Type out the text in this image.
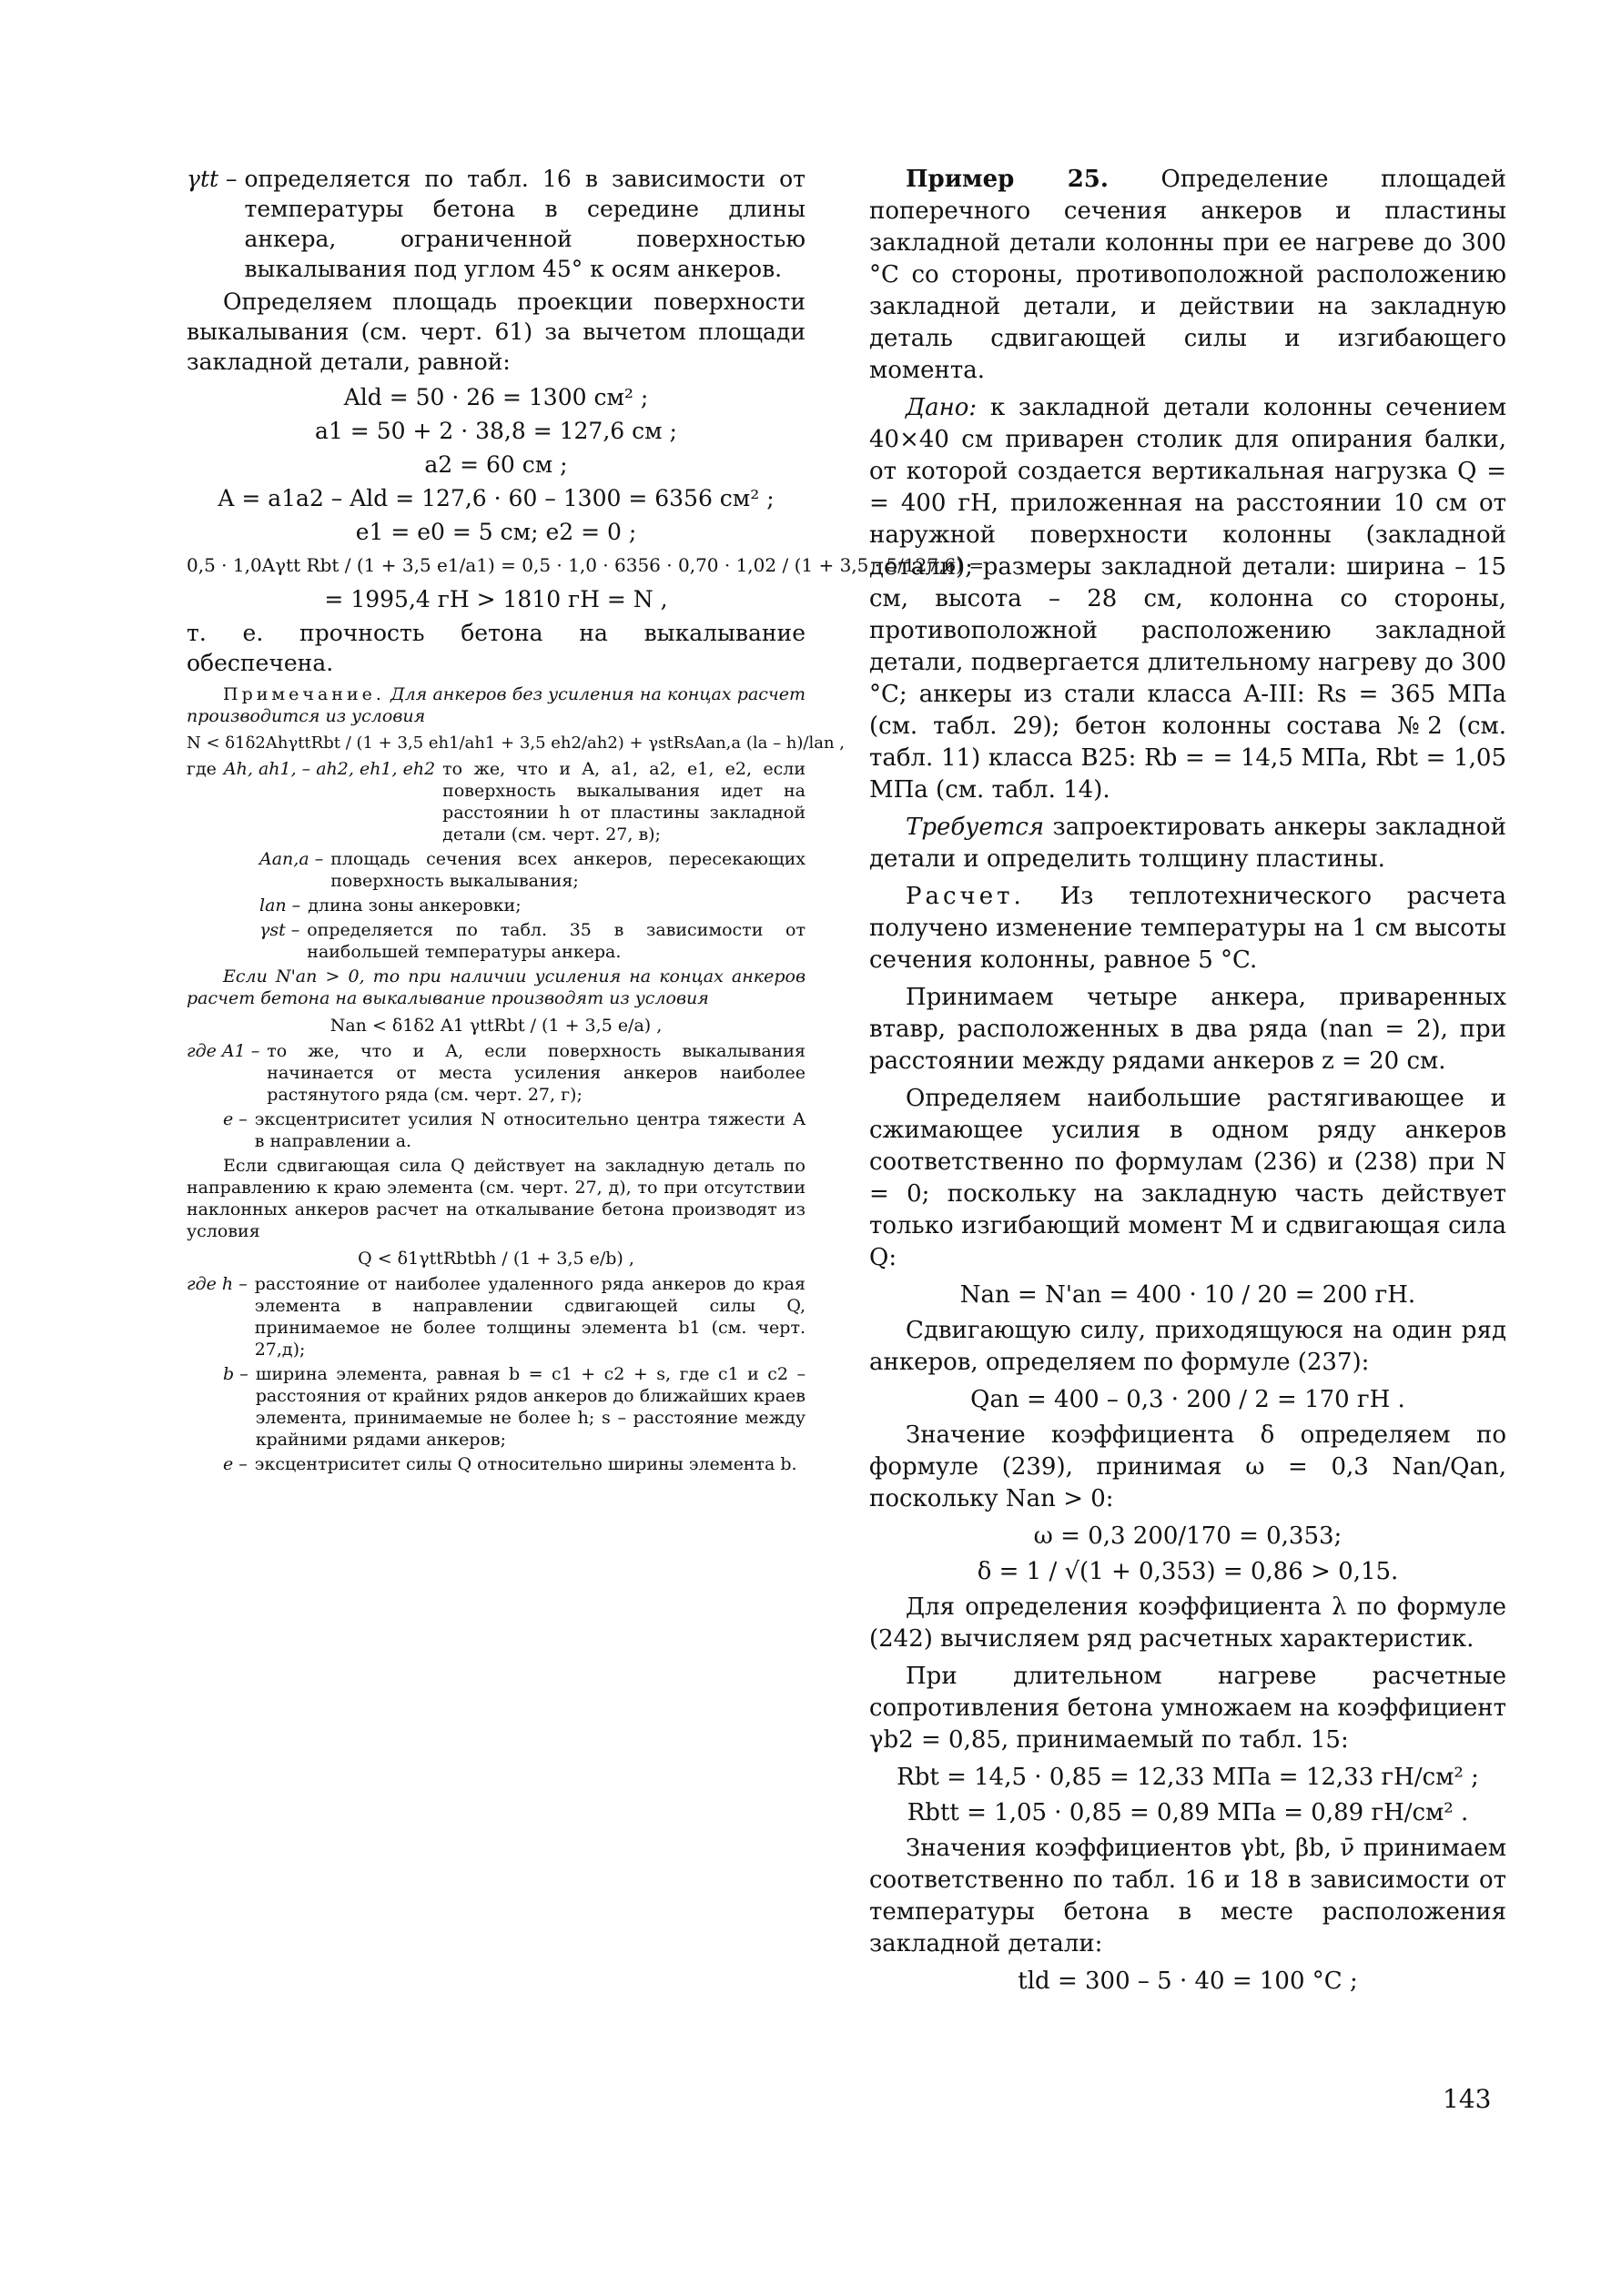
γtt – определяется по табл. 16 в зависимости от температуры бетона в середине длины анкера, ограниченной поверхностью выкалывания под углом 45° к осям анкеров.

Определяем площадь проекции поверхности выкалывания (см. черт. 61) за вычетом площади закладной детали, равной:

Ald = 50 · 26 = 1300 см² ;
a1 = 50 + 2 · 38,8 = 127,6 см ;
a2 = 60 см ;
A = a1a2 – Ald = 127,6 · 60 – 1300 = 6356 см² ;
e1 = e0 = 5 см; e2 = 0 ;
0,5 · 1,0Aγtt Rbt / (1 + 3,5 e1/a1) = 0,5 · 1,0 · 6356 · 0,70 · 1,02 / (1 + 3,5 · 5/127,6) =
= 1995,4 гН > 1810 гН = N ,

т. е. прочность бетона на выкалывание обеспечена.

Примечание. Для анкеров без усиления на концах расчет производится из условия

N < δ1δ2AhγttRbt / (1 + 3,5 eh1/ah1 + 3,5 eh2/ah2) + γstRsAan,a (la – h)/lan ,
где Ah, ah1, – ah2, eh1, eh2 то же, что и A, a1, a2, e1, e2, если поверхность выкалывания идет на расстоянии h от пластины закладной детали (см. черт. 27, в);
Aan,a – площадь сечения всех анкеров, пересекающих поверхность выкалывания;
lan – длина зоны анкеровки;
γst – определяется по табл. 35 в зависимости от наибольшей температуры анкера.

Если N'an > 0, то при наличии усиления на концах анкеров расчет бетона на выкалывание производят из условия

Nan < δ1δ2 A1 γttRbt / (1 + 3,5 e/a) ,
где A1 – то же, что и A, если поверхность выкалывания начинается от места усиления анкеров наиболее растянутого ряда (см. черт. 27, г);
e – эксцентриситет усилия N относительно центра тяжести A в направлении a.

Если сдвигающая сила Q действует на закладную деталь по направлению к краю элемента (см. черт. 27, д), то при отсутствии наклонных анкеров расчет на откалывание бетона производят из условия

Q < δ1γttRbtbh / (1 + 3,5 e/b) ,
где h – расстояние от наиболее удаленного ряда анкеров до края элемента в направлении сдвигающей силы Q, принимаемое не более толщины элемента b1 (см. черт. 27,д);
b – ширина элемента, равная b = c1 + c2 + s, где c1 и c2 – расстояния от крайних рядов анкеров до ближайших краев элемента, принимаемые не более h; s – расстояние между крайними рядами анкеров;
e – эксцентриситет силы Q относительно ширины элемента b.

Пример 25. Определение площадей поперечного сечения анкеров и пластины закладной детали колонны при ее нагреве до 300 °C со стороны, противоположной расположению закладной детали, и действии на закладную деталь сдвигающей силы и изгибающего момента.

Дано: к закладной детали колонны сечением 40×40 см приварен столик для опирания балки, от которой создается вертикальная нагрузка Q = = 400 гН, приложенная на расстоянии 10 см от наружной поверхности колонны (закладной детали); размеры закладной детали: ширина – 15 см, высота – 28 см, колонна со стороны, противоположной расположению закладной детали, подвергается длительному нагреву до 300 °C; анкеры из стали класса A-III: Rs = 365 МПа (см. табл. 29); бетон колонны состава №2 (см. табл. 11) класса B25: Rb = = 14,5 МПа, Rbt = 1,05 МПа (см. табл. 14).

Требуется запроектировать анкеры закладной детали и определить толщину пластины.

Расчет. Из теплотехнического расчета получено изменение температуры на 1 см высоты сечения колонны, равное 5 °C.

Принимаем четыре анкера, приваренных втавр, расположенных в два ряда (nan = 2), при расстоянии между рядами анкеров z = 20 см.

Определяем наибольшие растягивающее и сжимающее усилия в одном ряду анкеров соответственно по формулам (236) и (238) при N = 0; поскольку на закладную часть действует только изгибающий момент M и сдвигающая сила Q:

Nan = N'an = 400 · 10 / 20 = 200 гН.

Сдвигающую силу, приходящуюся на один ряд анкеров, определяем по формуле (237):

Qan = 400 – 0,3 · 200 / 2 = 170 гН .

Значение коэффициента δ определяем по формуле (239), принимая ω = 0,3 Nan/Qan, поскольку Nan > 0:

ω = 0,3 200/170 = 0,353;
δ = 1 / √(1 + 0,353) = 0,86 > 0,15.

Для определения коэффициента λ по формуле (242) вычисляем ряд расчетных характеристик.

При длительном нагреве расчетные сопротивления бетона умножаем на коэффициент γb2 = 0,85, принимаемый по табл. 15:

Rbt = 14,5 · 0,85 = 12,33 МПа = 12,33 гН/см² ;
Rbtt = 1,05 · 0,85 = 0,89 МПа = 0,89 гН/см² .

Значения коэффициентов γbt, βb, ν̄ принимаем соответственно по табл. 16 и 18 в зависимости от температуры бетона в месте расположения закладной детали:

tld = 300 – 5 · 40 = 100 °C ;
143
